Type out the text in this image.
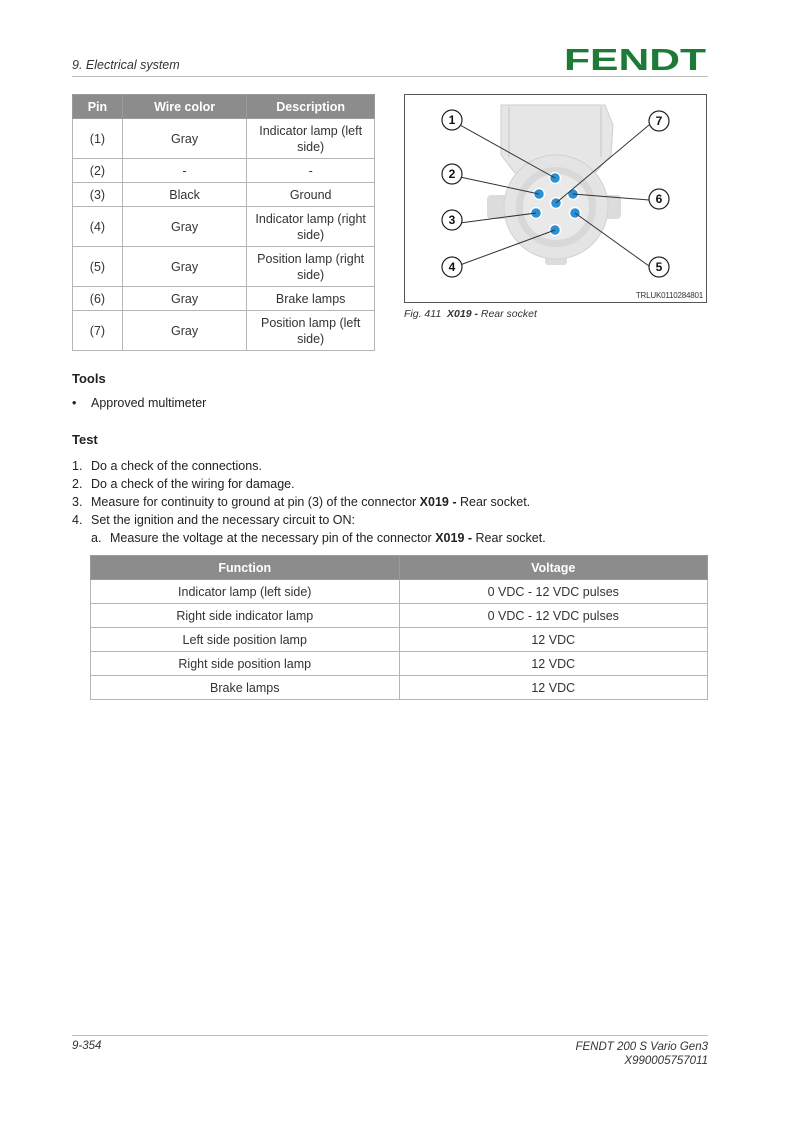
9. Electrical system	FENDT
Pin	Wire color	Description
(1)	Gray	Indicator lamp (left side)
(2)	-	-
(3)	Black	Ground
(4)	Gray	Indicator lamp (right side)
(5)	Gray	Position lamp (right side)
(6)	Gray	Brake lamps
(7)	Gray	Position lamp (left side)
1
2
3
4	5
6
7
TRLUK0110284801
Fig. 411 X019 - Rear socket
Tools
• Approved multimeter
Test
1. Do a check of the connections.
2. Do a check of the wiring for damage.
3. Measure for continuity to ground at pin (3) of the connector X019 - Rear socket.
4. Set the ignition and the necessary circuit to ON:
a. Measure the voltage at the necessary pin of the connector X019 - Rear socket.
Function	Voltage
Indicator lamp (left side)	0 VDC - 12 VDC pulses
Right side indicator lamp	0 VDC - 12 VDC pulses
Left side position lamp	12 VDC
Right side position lamp	12 VDC
Brake lamps	12 VDC
9-354	FENDT 200 S Vario Gen3
X990005757011
